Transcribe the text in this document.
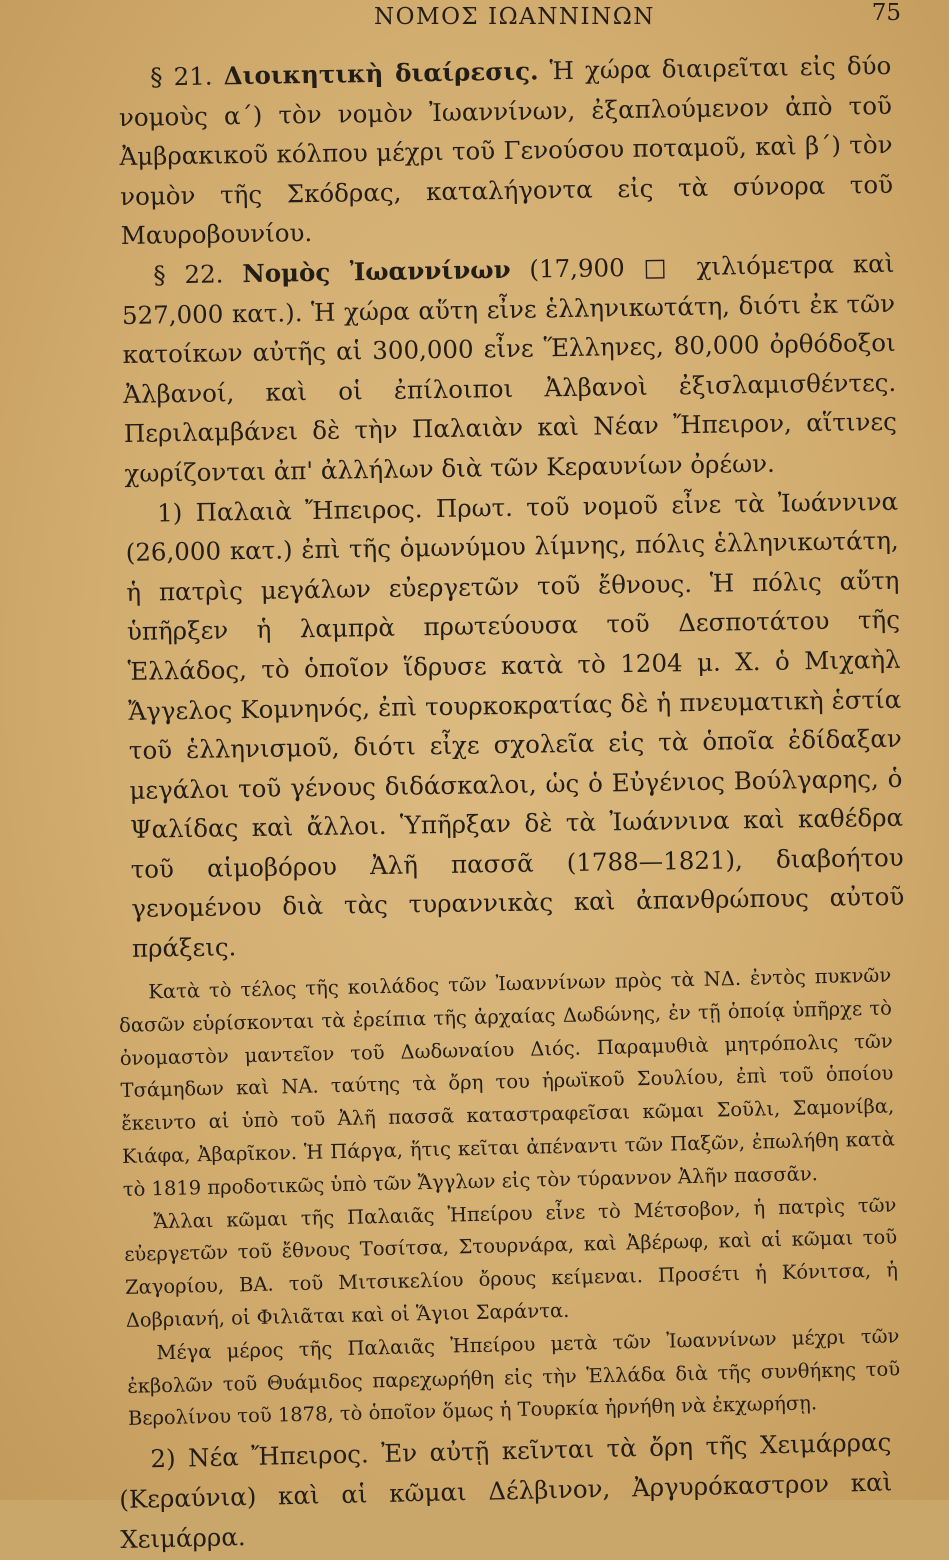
ΝΟΜΟΣ ΙΩΑΝΝΙΝΩΝ	75

§ 21. Διοικητικὴ διαίρεσις. Ἡ χώρα διαιρεῖται εἰς δύο νομοὺς α΄) τὸν νομὸν Ἰωαννίνων, ἐξαπλούμενον ἀπὸ τοῦ Ἀμβρακικοῦ κόλπου μέχρι τοῦ Γενούσου ποταμοῦ, καὶ β΄) τὸν νομὸν τῆς Σκόδρας, καταλήγοντα εἰς τὰ σύνορα τοῦ Μαυροβουνίου.

§ 22. Νομὸς Ἰωαννίνων (17,900 □ χιλιόμετρα καὶ 527,000 κατ.). Ἡ χώρα αὕτη εἶνε ἑλληνικωτάτη, διότι ἐκ τῶν κατοίκων αὐτῆς αἱ 300,000 εἶνε Ἕλληνες, 80,000 ὀρθόδοξοι Ἀλβανοί, καὶ οἱ ἐπίλοιποι Ἀλβανοὶ ἐξισλαμισθέντες. Περιλαμβάνει δὲ τὴν Παλαιὰν καὶ Νέαν Ἤπειρον, αἵτινες χωρίζονται ἀπ' ἀλλήλων διὰ τῶν Κεραυνίων ὀρέων.

1) Παλαιὰ Ἤπειρος. Πρωτ. τοῦ νομοῦ εἶνε τὰ Ἰωάννινα (26,000 κατ.) ἐπὶ τῆς ὁμωνύμου λίμνης, πόλις ἑλληνικωτάτη, ἡ πατρὶς μεγάλων εὐεργετῶν τοῦ ἔθνους. Ἡ πόλις αὕτη ὑπῆρξεν ἡ λαμπρὰ πρωτεύουσα τοῦ Δεσποτάτου τῆς Ἑλλάδος, τὸ ὁποῖον ἵδρυσε κατὰ τὸ 1204 μ. Χ. ὁ Μιχαὴλ Ἄγγελος Κομνηνός, ἐπὶ τουρκοκρατίας δὲ ἡ πνευματικὴ ἑστία τοῦ ἑλληνισμοῦ, διότι εἶχε σχολεῖα εἰς τὰ ὁποῖα ἐδίδαξαν μεγάλοι τοῦ γένους διδάσκαλοι, ὡς ὁ Εὐγένιος Βούλγαρης, ὁ Ψαλίδας καὶ ἄλλοι. Ὑπῆρξαν δὲ τὰ Ἰωάννινα καὶ καθέδρα τοῦ αἱμοβόρου Ἀλῆ πασσᾶ (1788—1821), διαβοήτου γενομένου διὰ τὰς τυραννικὰς καὶ ἀπανθρώπους αὐτοῦ πράξεις.

Κατὰ τὸ τέλος τῆς κοιλάδος τῶν Ἰωαννίνων πρὸς τὰ ΝΔ. ἐντὸς πυκνῶν δασῶν εὑρίσκονται τὰ ἐρείπια τῆς ἀρχαίας Δωδώνης, ἐν τῇ ὁποίᾳ ὑπῆρχε τὸ ὀνομαστὸν μαντεῖον τοῦ Δωδωναίου Διός. Παραμυθιὰ μητρόπολις τῶν Τσάμηδων καὶ ΝΑ. ταύτης τὰ ὄρη του ἡρωϊκοῦ Σουλίου, ἐπὶ τοῦ ὁποίου ἔκειντο αἱ ὑπὸ τοῦ Ἀλῆ πασσᾶ καταστραφεῖσαι κῶμαι Σοῦλι, Σαμονίβα, Κιάφα, Ἀβαρῖκον. Ἡ Πάργα, ἥτις κεῖται ἀπέναντι τῶν Παξῶν, ἐπωλήθη κατὰ τὸ 1819 προδοτικῶς ὑπὸ τῶν Ἄγγλων εἰς τὸν τύραννον Ἀλῆν πασσᾶν.

Ἄλλαι κῶμαι τῆς Παλαιᾶς Ἠπείρου εἶνε τὸ Μέτσοβον, ἡ πατρὶς τῶν εὐεργετῶν τοῦ ἔθνους Τοσίτσα, Στουρνάρα, καὶ Ἀβέρωφ, καὶ αἱ κῶμαι τοῦ Ζαγορίου, ΒΑ. τοῦ Μιτσικελίου ὄρους κείμεναι. Προσέτι ἡ Κόνιτσα, ἡ Δοβριανή, οἱ Φιλιᾶται καὶ οἱ Ἅγιοι Σαράντα.

Μέγα μέρος τῆς Παλαιᾶς Ἠπείρου μετὰ τῶν Ἰωαννίνων μέχρι τῶν ἐκβολῶν τοῦ Θυάμιδος παρεχωρήθη εἰς τὴν Ἑλλάδα διὰ τῆς συνθήκης τοῦ Βερολίνου τοῦ 1878, τὸ ὁποῖον ὅμως ἡ Τουρκία ἠρνήθη νὰ ἐκχωρήσῃ.

2) Νέα Ἤπειρος. Ἐν αὐτῇ κεῖνται τὰ ὄρη τῆς Χειμάρρας (Κεραύνια) καὶ αἱ κῶμαι Δέλβινον, Ἀργυρόκαστρον καὶ Χειμάρρα.
